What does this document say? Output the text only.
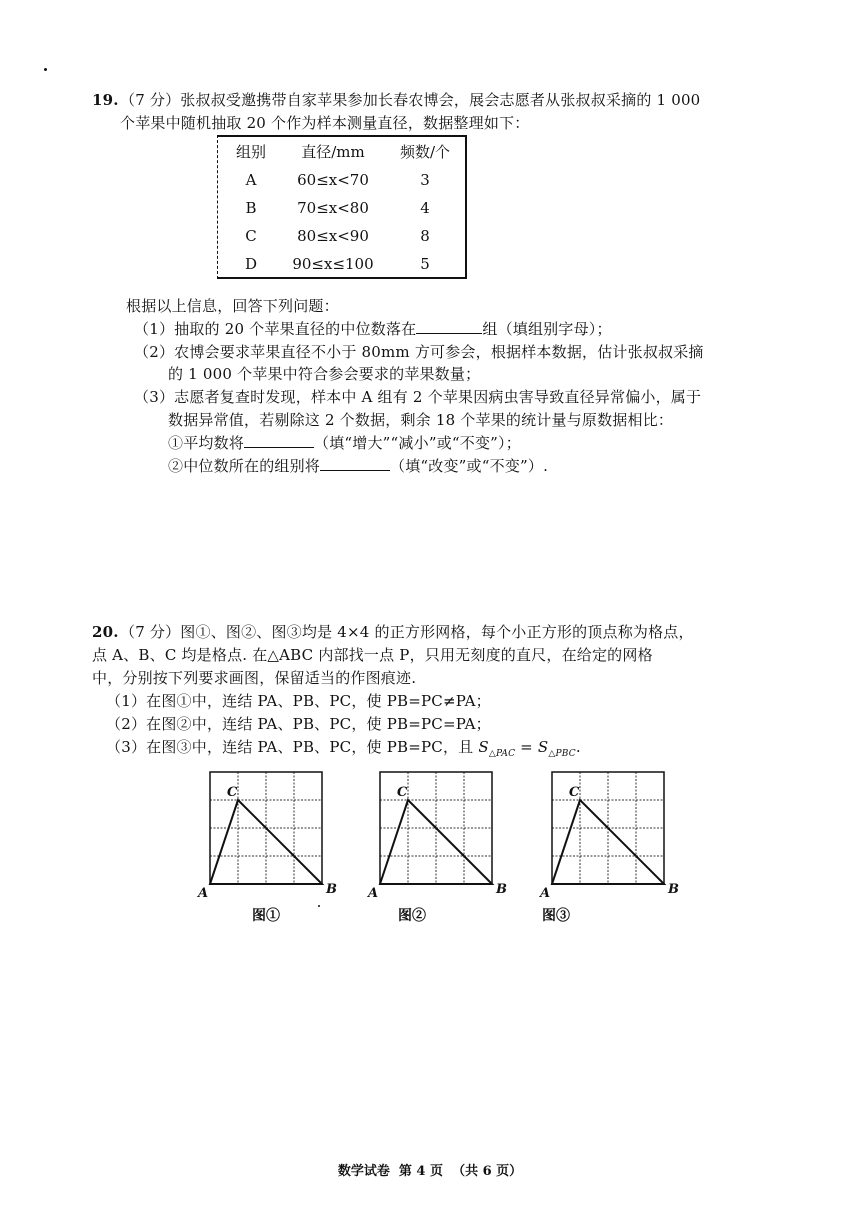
19. （7 分）张叔叔受邀携带自家苹果参加长春农博会，展会志愿者从张叔叔采摘的 1 000
个苹果中随机抽取 20 个作为样本测量直径，数据整理如下：
组别	直径/mm	频数/个
A	60≤x<70	3
B	70≤x<80	4
C	80≤x<90	8
D	90≤x≤100	5
根据以上信息，回答下列问题：
（1）抽取的 20 个苹果直径的中位数落在	组（填组别字母）；
（2）农博会要求苹果直径不小于 80mm 方可参会，根据样本数据，估计张叔叔采摘
的 1 000 个苹果中符合参会要求的苹果数量；
（3）志愿者复查时发现，样本中 A 组有 2 个苹果因病虫害导致直径异常偏小，属于
数据异常值，若剔除这 2 个数据，剩余 18 个苹果的统计量与原数据相比：
①平均数将	（填“增大”“减小”或“不变”）；
②中位数所在的组别将	（填“改变”或“不变”）.
20. （7 分）图①、图②、图③均是 4×4 的正方形网格，每个小正方形的顶点称为格点，
点 A、B、C 均是格点. 在△ABC 内部找一点 P，只用无刻度的直尺，在给定的网格
中，分别按下列要求画图，保留适当的作图痕迹.
（1）在图①中，连结 PA、PB、PC，使 PB=PC≠PA；
（2）在图②中，连结 PA、PB、PC，使 PB=PC=PA；
（3）在图③中，连结 PA、PB、PC，使 PB=PC，且 $S_{\triangle PAC} = S_{\triangle PBC}$.
A	B
C
图①
A	B
C
图②
A	B
C
图③
数学试卷 第 4 页 （共 6 页）
